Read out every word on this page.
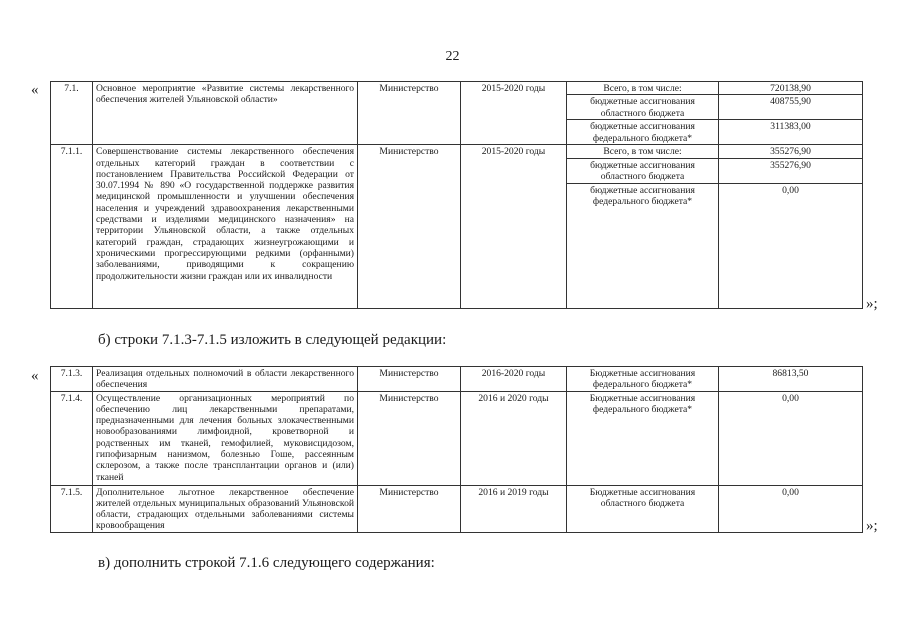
22
«	7.1.	Основное мероприятие «Развитие системы лекарственного обеспечения жителей Ульяновской области»	Министерство	2015-2020 годы	Всего, в том числе:	720138,90
				бюджетные ассигнования областного бюджета	408755,90
				бюджетные ассигнования федерального бюджета*	311383,00
7.1.1.	Совершенствование системы лекарственного обеспечения отдельных категорий граждан в соответствии с постановлением Правительства Российской Федерации от 30.07.1994 № 890 «О государственной поддержке развития медицинской промышленности и улучшении обеспечения населения и учреждений здравоохранения лекарственными средствами и изделиями медицинского назначения» на территории Ульяновской области, а также отдельных категорий граждан, страдающих жизнеугрожающими и хроническими прогрессирующими редкими (орфанными) заболеваниями, приводящими к сокращению продолжительности жизни граждан или их инвалидности	Министерство	2015-2020 годы	Всего, в том числе:	355276,90
				бюджетные ассигнования областного бюджета	355276,90
				бюджетные ассигнования федерального бюджета*	0,00
»;
б) строки 7.1.3-7.1.5 изложить в следующей редакции:
« 7.1.3.	Реализация отдельных полномочий в области лекарственного обеспечения	Министерство	2016-2020 годы	Бюджетные ассигнования федерального бюджета*	86813,50
7.1.4.	Осуществление организационных мероприятий по обеспечению лиц лекарственными препаратами, предназначенными для лечения больных злокачественными новообразованиями лимфоидной, кроветворной и родственных им тканей, гемофилией, муковисцидозом, гипофизарным нанизмом, болезнью Гоше, рассеянным склерозом, а также после трансплантации органов и (или) тканей	Министерство	2016 и 2020 годы	Бюджетные ассигнования федерального бюджета*	0,00
7.1.5.	Дополнительное льготное лекарственное обеспечение жителей отдельных муниципальных образований Ульяновской области, страдающих отдельными заболеваниями системы кровообращения	Министерство	2016 и 2019 годы	Бюджетные ассигнования областного бюджета	0,00
»;
в) дополнить строкой 7.1.6 следующего содержания:
